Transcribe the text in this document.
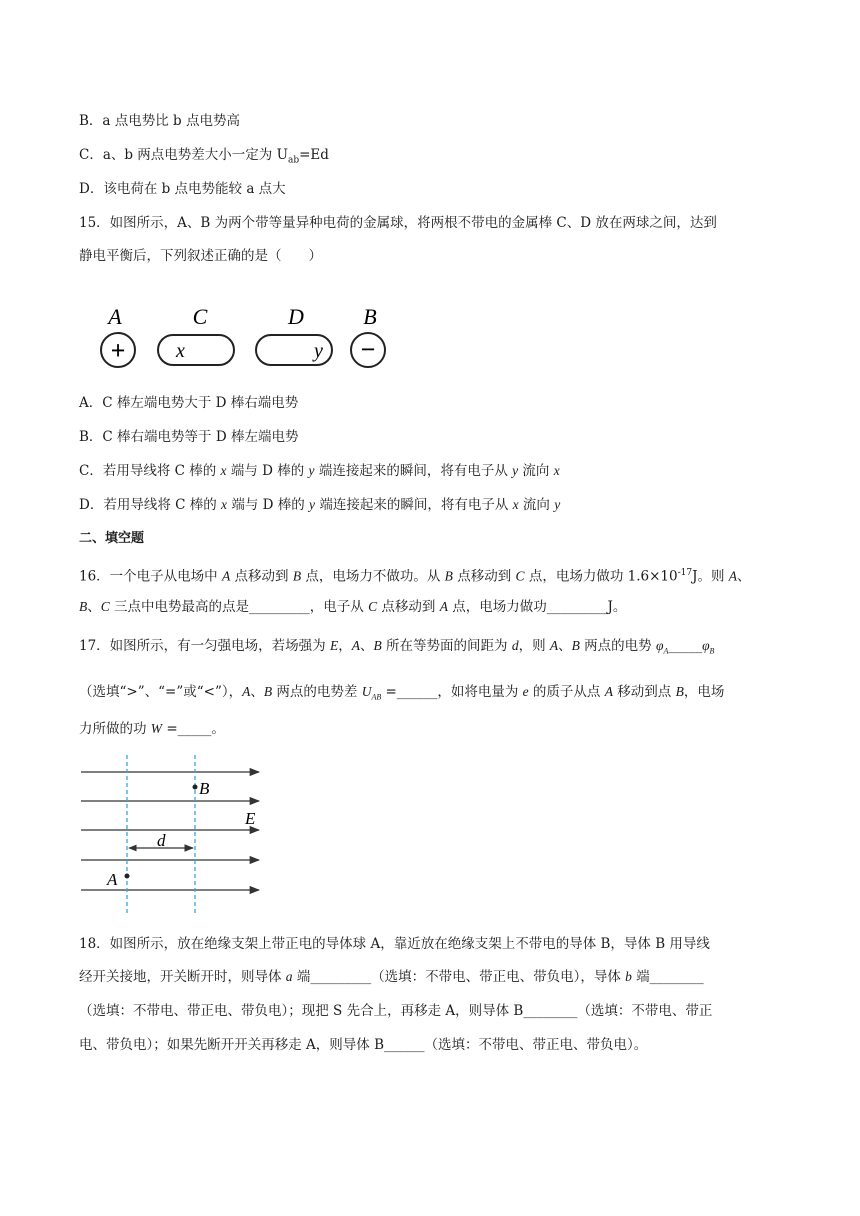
B．a 点电势比 b 点电势高
C．a、b 两点电势差大小一定为 $U_{ab}=Ed$
D．该电荷在 b 点电势能较 a 点大
15．如图所示，A、B 为两个带等量异种电荷的金属球，将两根不带电的金属棒 C、D 放在两球之间，达到
静电平衡后，下列叙述正确的是（　　）
A	C	D	B
+	x	y −
A．C 棒左端电势大于 D 棒右端电势
B．C 棒右端电势等于 D 棒左端电势
C．若用导线将 C 棒的 x 端与 D 棒的 y 端连接起来的瞬间，将有电子从 y 流向 x
D．若用导线将 C 棒的 x 端与 D 棒的 y 端连接起来的瞬间，将有电子从 x 流向 y
二、填空题
16．一个电子从电场中 A 点移动到 B 点，电场力不做功。从 B 点移动到 C 点，电场力做功 $1.6\times 10^{-17}J$。则 A、
B、C 三点中电势最高的点是_________，电子从 C 点移动到 A 点，电场力做功_________J。
17．如图所示，有一匀强电场，若场强为 E，A、B 所在等势面的间距为 d，则 A、B 两点的电势 $\varphi_A\_\_\_\_\_\varphi_B$
（选填“>”、“=”或“<”），A、B 两点的电势差 $U_{AB}$ =______，如将电量为 e 的质子从点 A 移动到点 B，电场
力所做的功 W =_____。
B
E
d
A
18．如图所示，放在绝缘支架上带正电的导体球 A，靠近放在绝缘支架上不带电的导体 B，导体 B 用导线
经开关接地，开关断开时，则导体 a 端_________（选填：不带电、带正电、带负电），导体 b 端________
（选填：不带电、带正电、带负电）；现把 S 先合上，再移走 A，则导体 B________（选填：不带电、带正
电、带负电）；如果先断开开关再移走 A，则导体 B______（选填：不带电、带正电、带负电）。
